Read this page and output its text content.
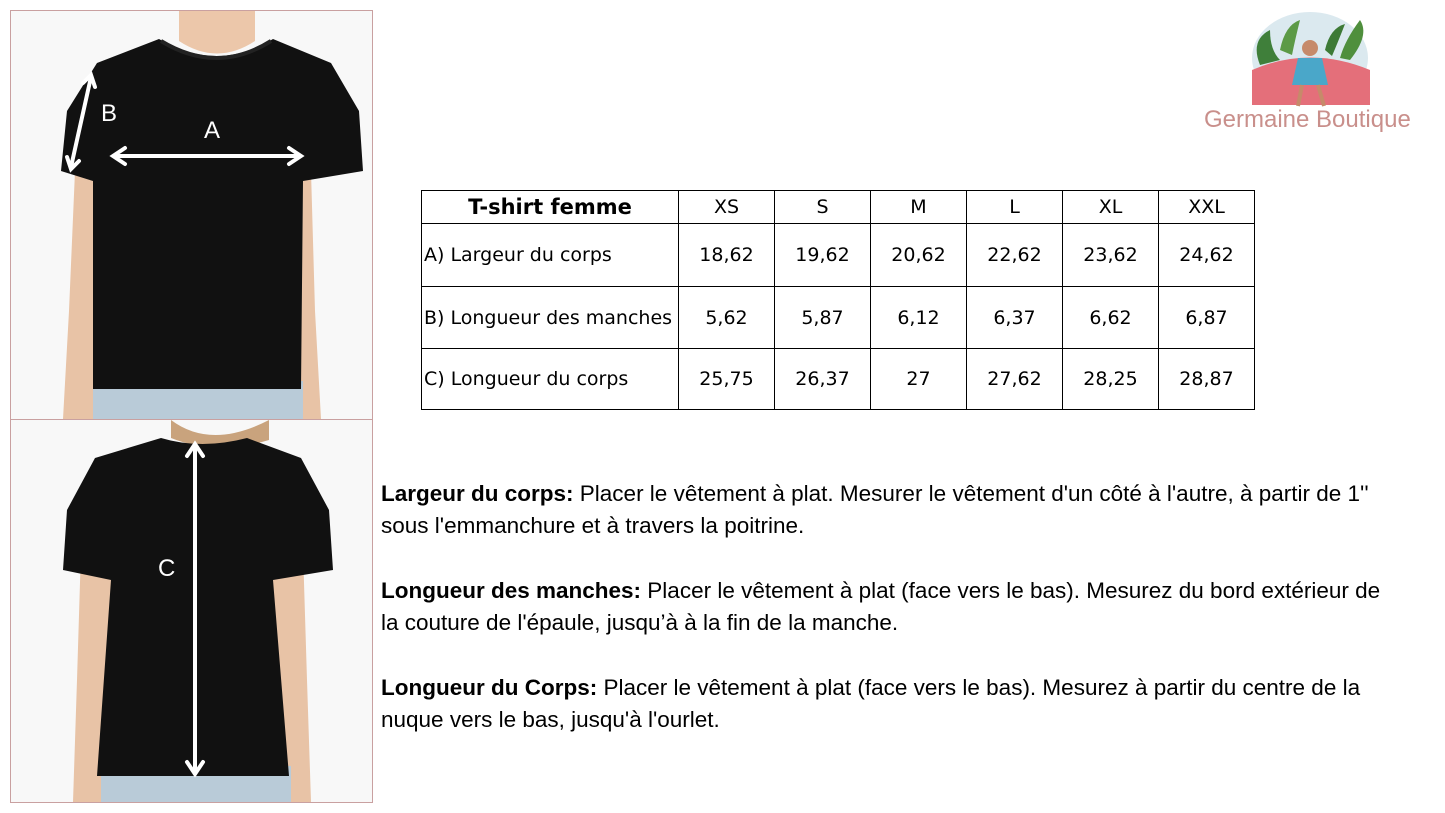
A
B
C
Germaine Boutique
T-shirt femme	XS	S	M	L	XL	XXL
A) Largeur du corps	18,62	19,62	20,62	22,62	23,62	24,62
B) Longueur des manches	5,62	5,87	6,12	6,37	6,62	6,87
C) Longueur du corps	25,75	26,37	27	27,62	28,25	28,87

Largeur du corps: Placer le vêtement à plat. Mesurer le vêtement d'un côté à l'autre, à partir de 1'' sous l'emmanchure et à travers la poitrine.

Longueur des manches: Placer le vêtement à plat (face vers le bas). Mesurez du bord extérieur de la couture de l'épaule, jusqu’à à la fin de la manche.

Longueur du Corps: Placer le vêtement à plat (face vers le bas). Mesurez à partir du centre de la nuque vers le bas, jusqu'à l'ourlet.
